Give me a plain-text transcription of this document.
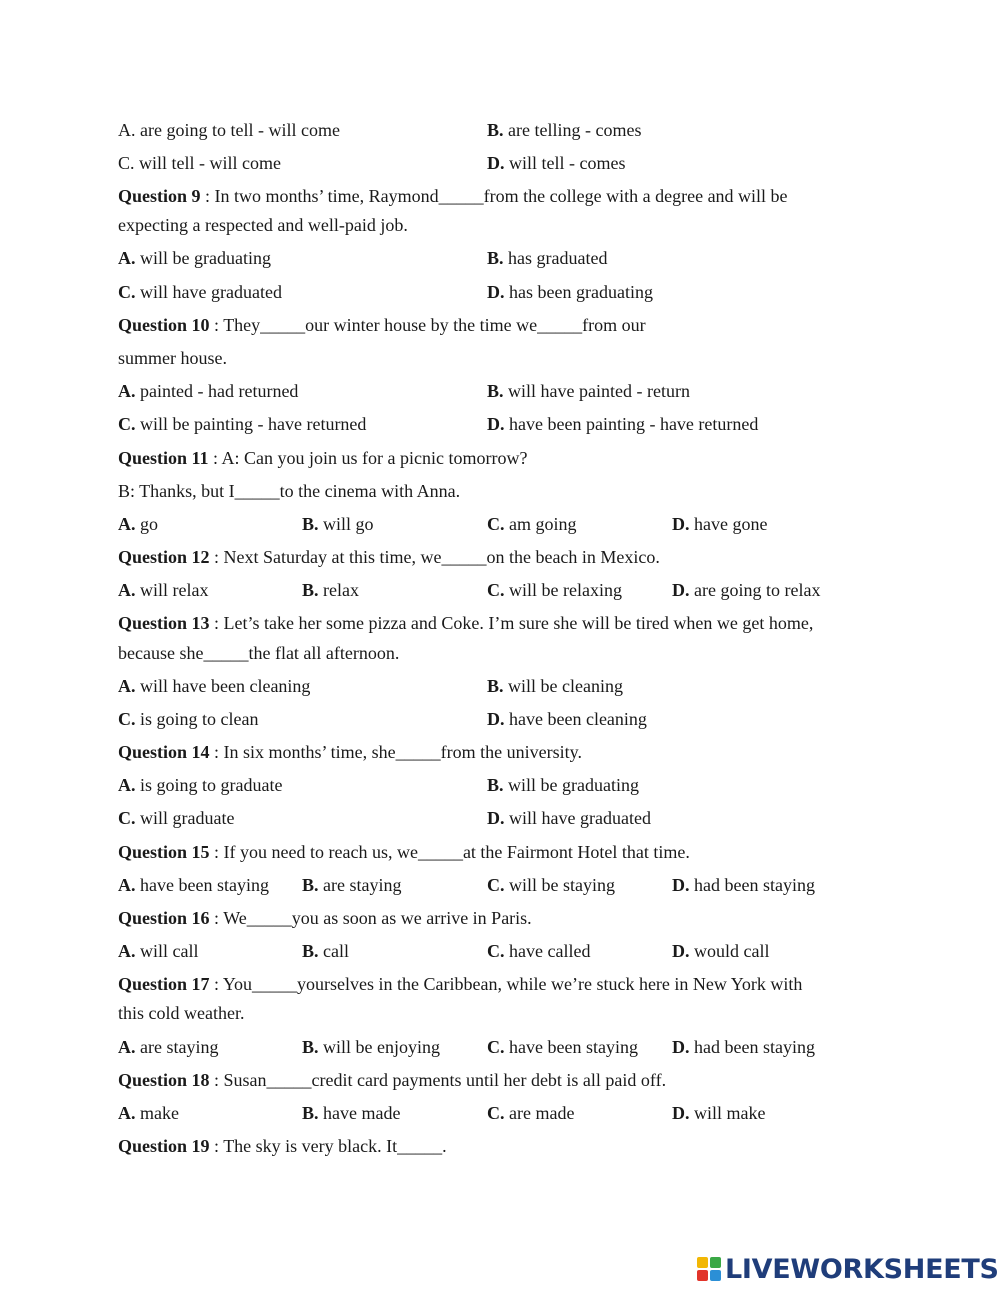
A. are going to tell - will come	B. are telling - comes
C. will tell - will come	D. will tell - comes
Question 9 : In two months’ time, Raymond_____from the college with a degree and will be
expecting a respected and well-paid job.
A. will be graduating	B. has graduated
C. will have graduated	D. has been graduating
Question 10 : They_____our winter house by the time we_____from our
summer house.
A. painted - had returned	B. will have painted - return
C. will be painting - have returned	D. have been painting - have returned
Question 11 : A: Can you join us for a picnic tomorrow?
B: Thanks, but I_____to the cinema with Anna.
A. go	B. will go	C. am going	D. have gone
Question 12 : Next Saturday at this time, we_____on the beach in Mexico.
A. will relax	B. relax	C. will be relaxing	D. are going to relax
Question 13 : Let’s take her some pizza and Coke. I’m sure she will be tired when we get home,
because she_____the flat all afternoon.
A. will have been cleaning	B. will be cleaning
C. is going to clean	D. have been cleaning
Question 14 : In six months’ time, she_____from the university.
A. is going to graduate	B. will be graduating
C. will graduate	D. will have graduated
Question 15 : If you need to reach us, we_____at the Fairmont Hotel that time.
A. have been staying B. are staying	C. will be staying	D. had been staying
Question 16 : We_____you as soon as we arrive in Paris.
A. will call	B. call	C. have called	D. would call
Question 17 : You_____yourselves in the Caribbean, while we’re stuck here in New York with
this cold weather.
A. are staying	B. will be enjoying	C. have been staying D. had been staying
Question 18 : Susan_____credit card payments until her debt is all paid off.
A. make	B. have made	C. are made	D. will make
Question 19 : The sky is very black. It_____.
LIVEWORKSHEETS
